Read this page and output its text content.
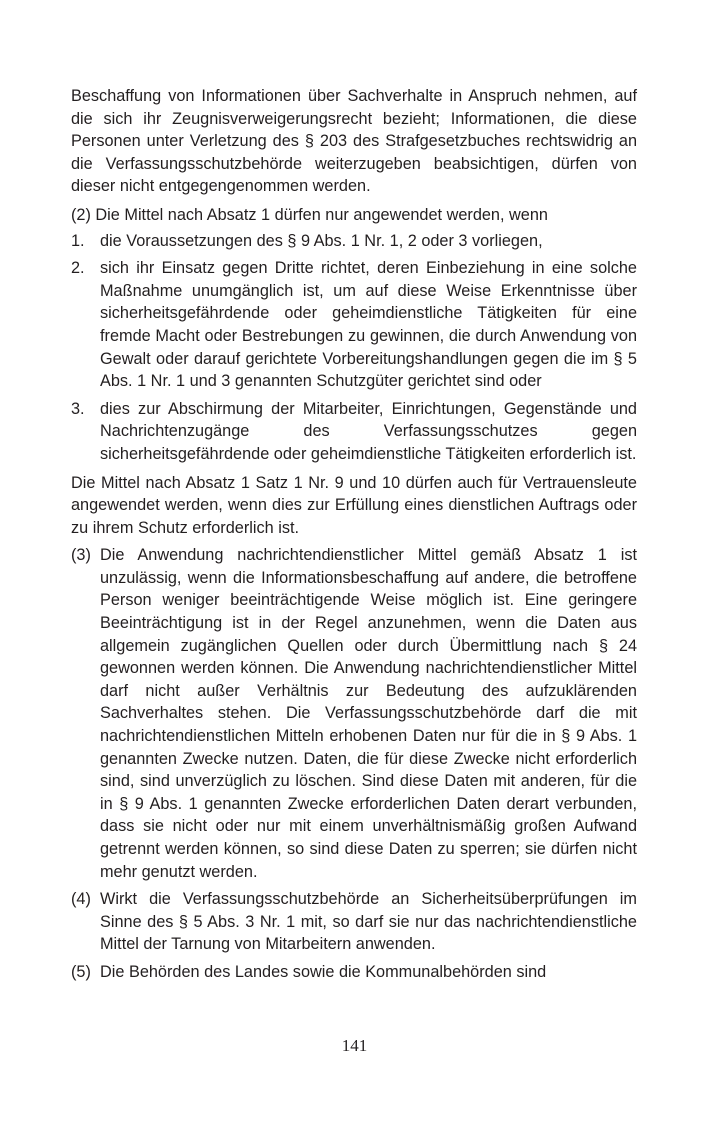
Beschaffung von Informationen über Sachverhalte in Anspruch nehmen, auf die sich ihr Zeugnisverweigerungsrecht bezieht; Informationen, die diese Personen unter Verletzung des § 203 des Strafgesetzbuches rechtswidrig an die Verfassungsschutzbehörde weiterzugeben beabsichtigen, dürfen von dieser nicht entgegengenommen werden.

(2) Die Mittel nach Absatz 1 dürfen nur angewendet werden, wenn

1. die Voraussetzungen des § 9 Abs. 1 Nr. 1, 2 oder 3 vorliegen,

2. sich ihr Einsatz gegen Dritte richtet, deren Einbeziehung in eine solche Maßnahme unumgänglich ist, um auf diese Weise Erkenntnisse über sicherheitsgefährdende oder geheimdienstliche Tätigkeiten für eine fremde Macht oder Bestrebungen zu gewinnen, die durch Anwendung von Gewalt oder darauf gerichtete Vorbereitungshandlungen gegen die im § 5 Abs. 1 Nr. 1 und 3 genannten Schutzgüter gerichtet sind oder

3. dies zur Abschirmung der Mitarbeiter, Einrichtungen, Gegenstände und Nachrichtenzugänge des Verfassungsschutzes gegen sicherheitsgefährdende oder geheimdienstliche Tätigkeiten erforderlich ist.

Die Mittel nach Absatz 1 Satz 1 Nr. 9 und 10 dürfen auch für Vertrauensleute angewendet werden, wenn dies zur Erfüllung eines dienstlichen Auftrags oder zu ihrem Schutz erforderlich ist.

(3) Die Anwendung nachrichtendienstlicher Mittel gemäß Absatz 1 ist unzulässig, wenn die Informationsbeschaffung auf andere, die betroffene Person weniger beeinträchtigende Weise möglich ist. Eine geringere Beeinträchtigung ist in der Regel anzunehmen, wenn die Daten aus allgemein zugänglichen Quellen oder durch Übermittlung nach § 24 gewonnen werden können. Die Anwendung nachrichtendienstlicher Mittel darf nicht außer Verhältnis zur Bedeutung des aufzuklärenden Sachverhaltes stehen. Die Verfassungsschutzbehörde darf die mit nachrichtendienstlichen Mitteln erhobenen Daten nur für die in § 9 Abs. 1 genannten Zwecke nutzen. Daten, die für diese Zwecke nicht erforderlich sind, sind unverzüglich zu löschen. Sind diese Daten mit anderen, für die in § 9 Abs. 1 genannten Zwecke erforderlichen Daten derart verbunden, dass sie nicht oder nur mit einem unverhältnismäßig großen Aufwand getrennt werden können, so sind diese Daten zu sperren; sie dürfen nicht mehr genutzt werden.

(4) Wirkt die Verfassungsschutzbehörde an Sicherheitsüberprüfungen im Sinne des § 5 Abs. 3 Nr. 1 mit, so darf sie nur das nachrichtendienstliche Mittel der Tarnung von Mitarbeitern anwenden.

(5) Die Behörden des Landes sowie die Kommunalbehörden sind

141
